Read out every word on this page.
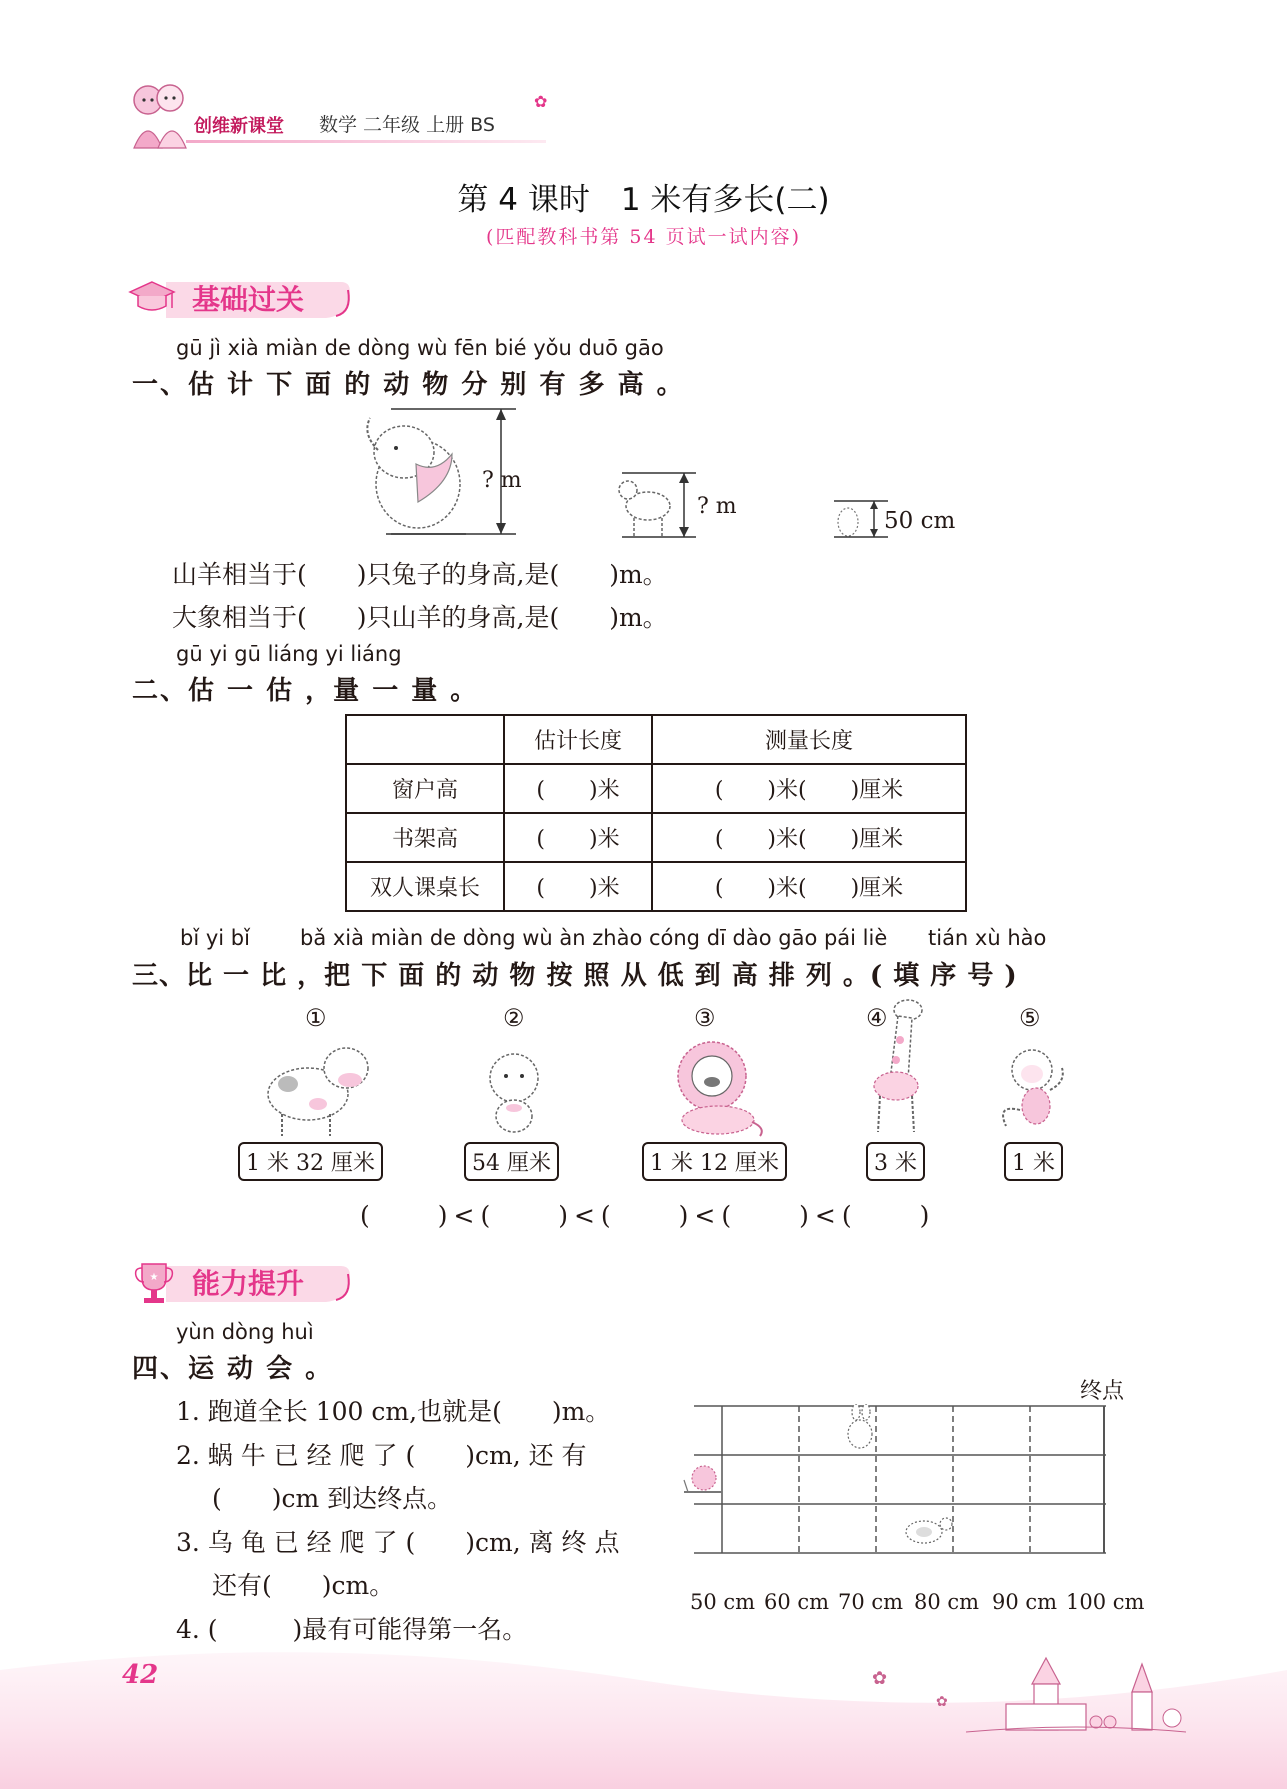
创维新课堂 数学 二年级 上册 BS
✿
第 4 课时　1 米有多长(二)
(匹配教科书第 54 页试一试内容)
基础过关
gū jì xià miàn de dòng wù fēn bié yǒu duō gāo
一、估 计 下 面 的 动 物 分 别 有 多 高 。
? m
? m
50 cm
山羊相当于(　　)只兔子的身高,是(　　)m。
大象相当于(　　)只山羊的身高,是(　　)m。
gū yi gū liáng yi liáng
二、估 一 估 ，量 一 量 。
	估计长度	测量长度
窗户高	(　　)米	(　　)米(　　)厘米
书架高	(　　)米	(　　)米(　　)厘米
双人课桌长	(　　)米	(　　)米(　　)厘米
bǐ yi bǐ bǎ xià miàn de dòng wù àn zhào cóng dī dào gāo pái liè tián xù hào
三、比 一 比 ，把 下 面 的 动 物 按 照 从 低 到 高 排 列 。( 填 序 号 )
①	②	③	④	⑤
1 米 32 厘米	54 厘米	1 米 12 厘米	3 米	1 米
(　　)<(　　)<(　　)<(　　)<(　　)
★ 能力提升
yùn dòng huì
四、运 动 会 。
1. 跑道全长 100 cm,也就是(　　)m。
2. 蜗 牛 已 经 爬 了 (　　)cm, 还 有
(　　)cm 到达终点。
3. 乌 龟 已 经 爬 了 (　　)cm, 离 终 点
还有(　　)cm。
4. (　　　)最有可能得第一名。
终点
50 cm 60 cm 70 cm 80 cm 90 cm 100 cm
✿
✿
42
